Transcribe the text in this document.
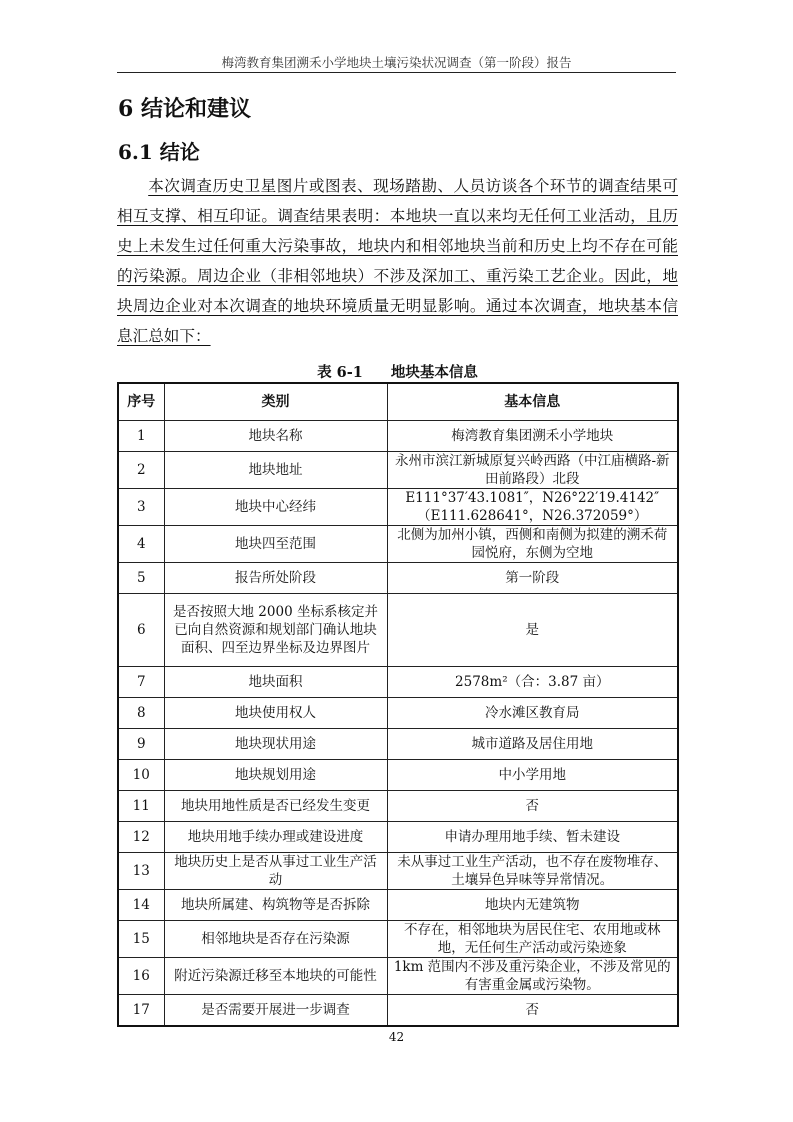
梅湾教育集团溯禾小学地块土壤污染状况调查（第一阶段）报告
6 结论和建议
6.1 结论
本次调查历史卫星图片或图表、现场踏勘、人员访谈各个环节的调查结果可相互支撑、相互印证。调查结果表明：本地块一直以来均无任何工业活动，且历史上未发生过任何重大污染事故，地块内和相邻地块当前和历史上均不存在可能的污染源。周边企业（非相邻地块）不涉及深加工、重污染工艺企业。因此，地块周边企业对本次调查的地块环境质量无明显影响。通过本次调查，地块基本信息汇总如下：
表 6-1 地块基本信息
序号	类别	基本信息
1	地块名称	梅湾教育集团溯禾小学地块
2	地块地址	永州市滨江新城原复兴岭西路（中江庙横路-新田前路段）北段
3	地块中心经纬	E111°37′43.1081″，N26°22′19.4142″（E111.628641°，N26.372059°）
4	地块四至范围	北侧为加州小镇，西侧和南侧为拟建的溯禾荷园悦府，东侧为空地
5	报告所处阶段	第一阶段
6	是否按照大地 2000 坐标系核定并已向自然资源和规划部门确认地块面积、四至边界坐标及边界图片	是
7	地块面积	2578m²（合：3.87 亩）
8	地块使用权人	冷水滩区教育局
9	地块现状用途	城市道路及居住用地
10	地块规划用途	中小学用地
11	地块用地性质是否已经发生变更	否
12	地块用地手续办理或建设进度	申请办理用地手续、暂未建设
13	地块历史上是否从事过工业生产活动	未从事过工业生产活动，也不存在废物堆存、土壤异色异味等异常情况。
14	地块所属建、构筑物等是否拆除	地块内无建筑物
15	相邻地块是否存在污染源	不存在，相邻地块为居民住宅、农用地或林地，无任何生产活动或污染迹象
16	附近污染源迁移至本地块的可能性	1km 范围内不涉及重污染企业，不涉及常见的有害重金属或污染物。
17	是否需要开展进一步调查	否
42
